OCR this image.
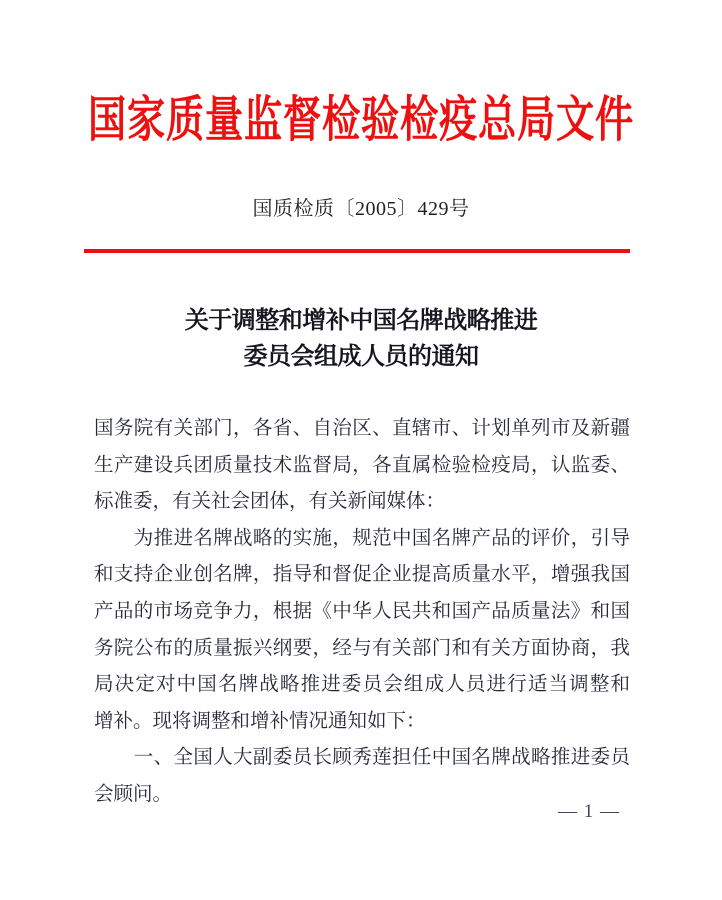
国家质量监督检验检疫总局文件
国质检质〔2005〕429号
关于调整和增补中国名牌战略推进
委员会组成人员的通知
国务院有关部门，各省、自治区、直辖市、计划单列市及新疆
生产建设兵团质量技术监督局，各直属检验检疫局，认监委、
标准委，有关社会团体，有关新闻媒体：
　　为推进名牌战略的实施，规范中国名牌产品的评价，引导
和支持企业创名牌，指导和督促企业提高质量水平，增强我国
产品的市场竞争力，根据《中华人民共和国产品质量法》和国
务院公布的质量振兴纲要，经与有关部门和有关方面协商，我
局决定对中国名牌战略推进委员会组成人员进行适当调整和
增补。现将调整和增补情况通知如下：
　　一、全国人大副委员长顾秀莲担任中国名牌战略推进委员
会顾问。
— 1 —
